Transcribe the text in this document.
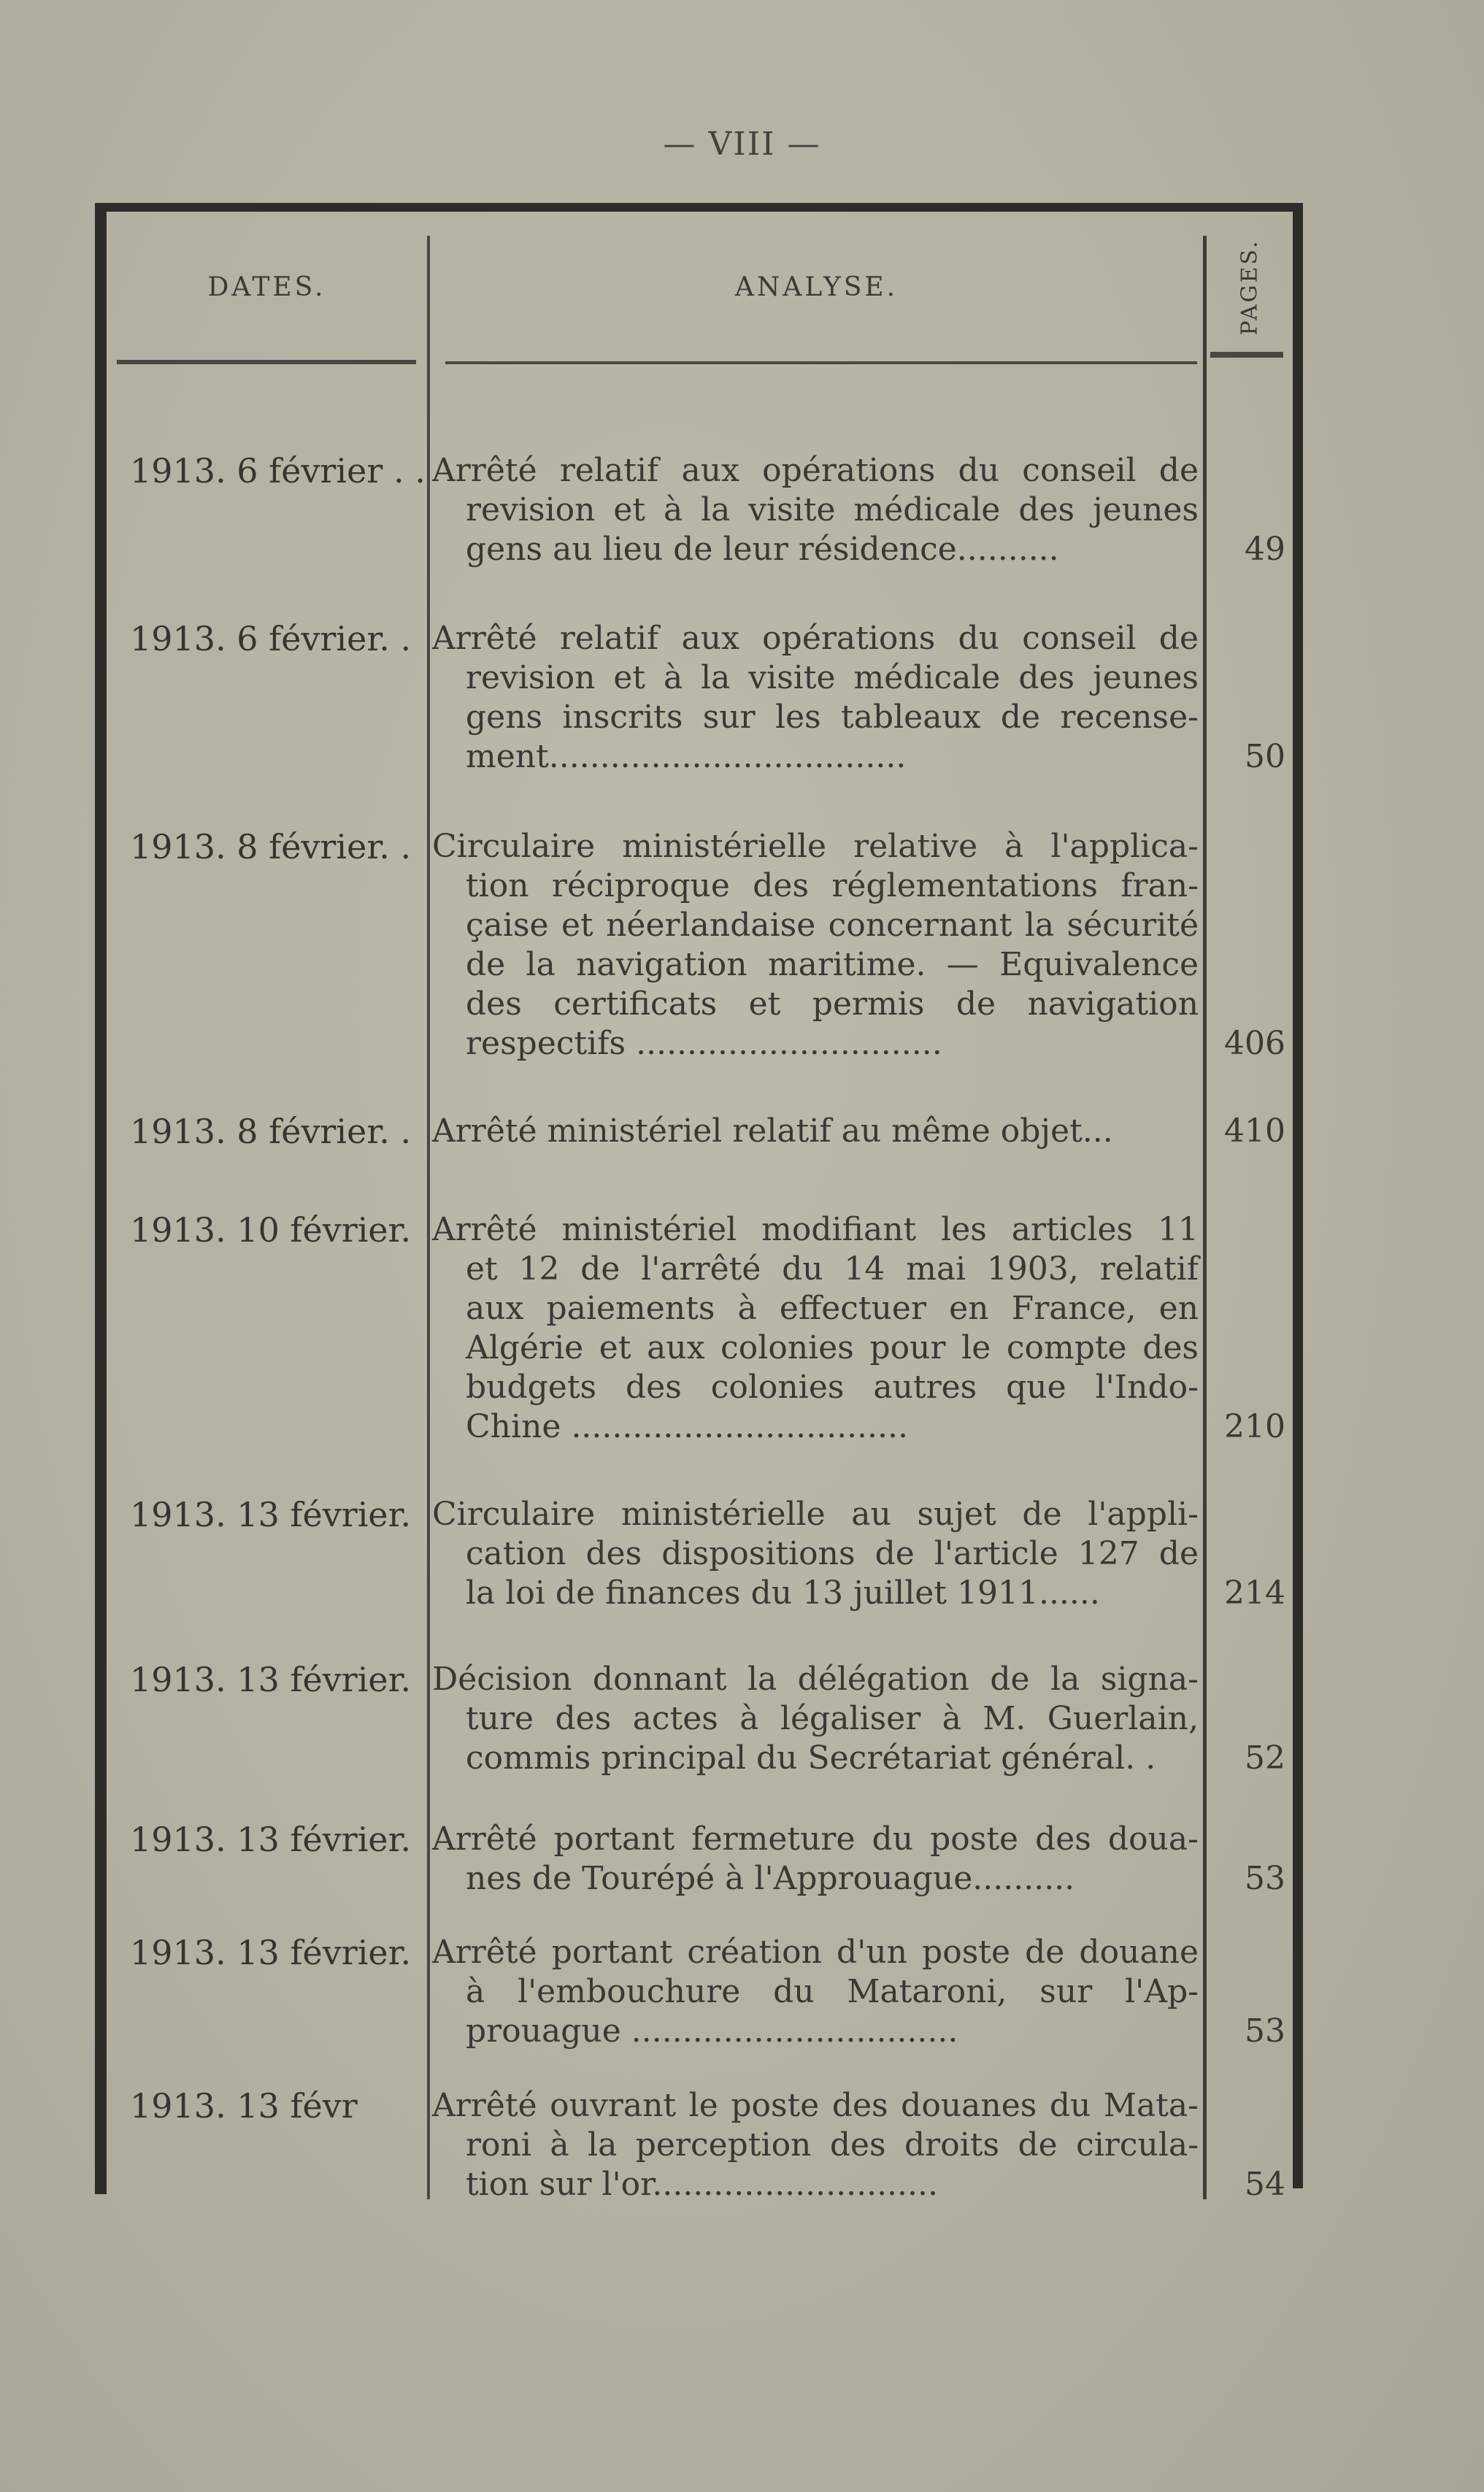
— VIII —
DATES.	ANALYSE.	PAGES.
1913. 6 février . . Arrêté relatif aux opérations du conseil de
revision et à la visite médicale des jeunes
gens au lieu de leur résidence..........	49
1913. 6 février. . Arrêté relatif aux opérations du conseil de
revision et à la visite médicale des jeunes
gens inscrits sur les tableaux de recense-
ment...................................	50
1913. 8 février. . Circulaire ministérielle relative à l'applica-
tion réciproque des réglementations fran-
çaise et néerlandaise concernant la sécurité
de la navigation maritime. — Equivalence
des certificats et permis de navigation
respectifs ..............................	406
1913. 8 février. . Arrêté ministériel relatif au même objet...	410
1913. 10 février. Arrêté ministériel modifiant les articles 11
et 12 de l'arrêté du 14 mai 1903, relatif
aux paiements à effectuer en France, en
Algérie et aux colonies pour le compte des
budgets des colonies autres que l'Indo-
Chine .................................	210
1913. 13 février. Circulaire ministérielle au sujet de l'appli-
cation des dispositions de l'article 127 de
la loi de finances du 13 juillet 1911......	214
1913. 13 février. Décision donnant la délégation de la signa-
ture des actes à légaliser à M. Guerlain,
commis principal du Secrétariat général. .	52
1913. 13 février. Arrêté portant fermeture du poste des doua-
nes de Tourépé à l'Approuague..........	53
1913. 13 février. Arrêté portant création d'un poste de douane
à l'embouchure du Mataroni, sur l'Ap-
prouague ................................	53
1913. 13 févr	Arrêté ouvrant le poste des douanes du Mata-
roni à la perception des droits de circula-
tion sur l'or............................	54
